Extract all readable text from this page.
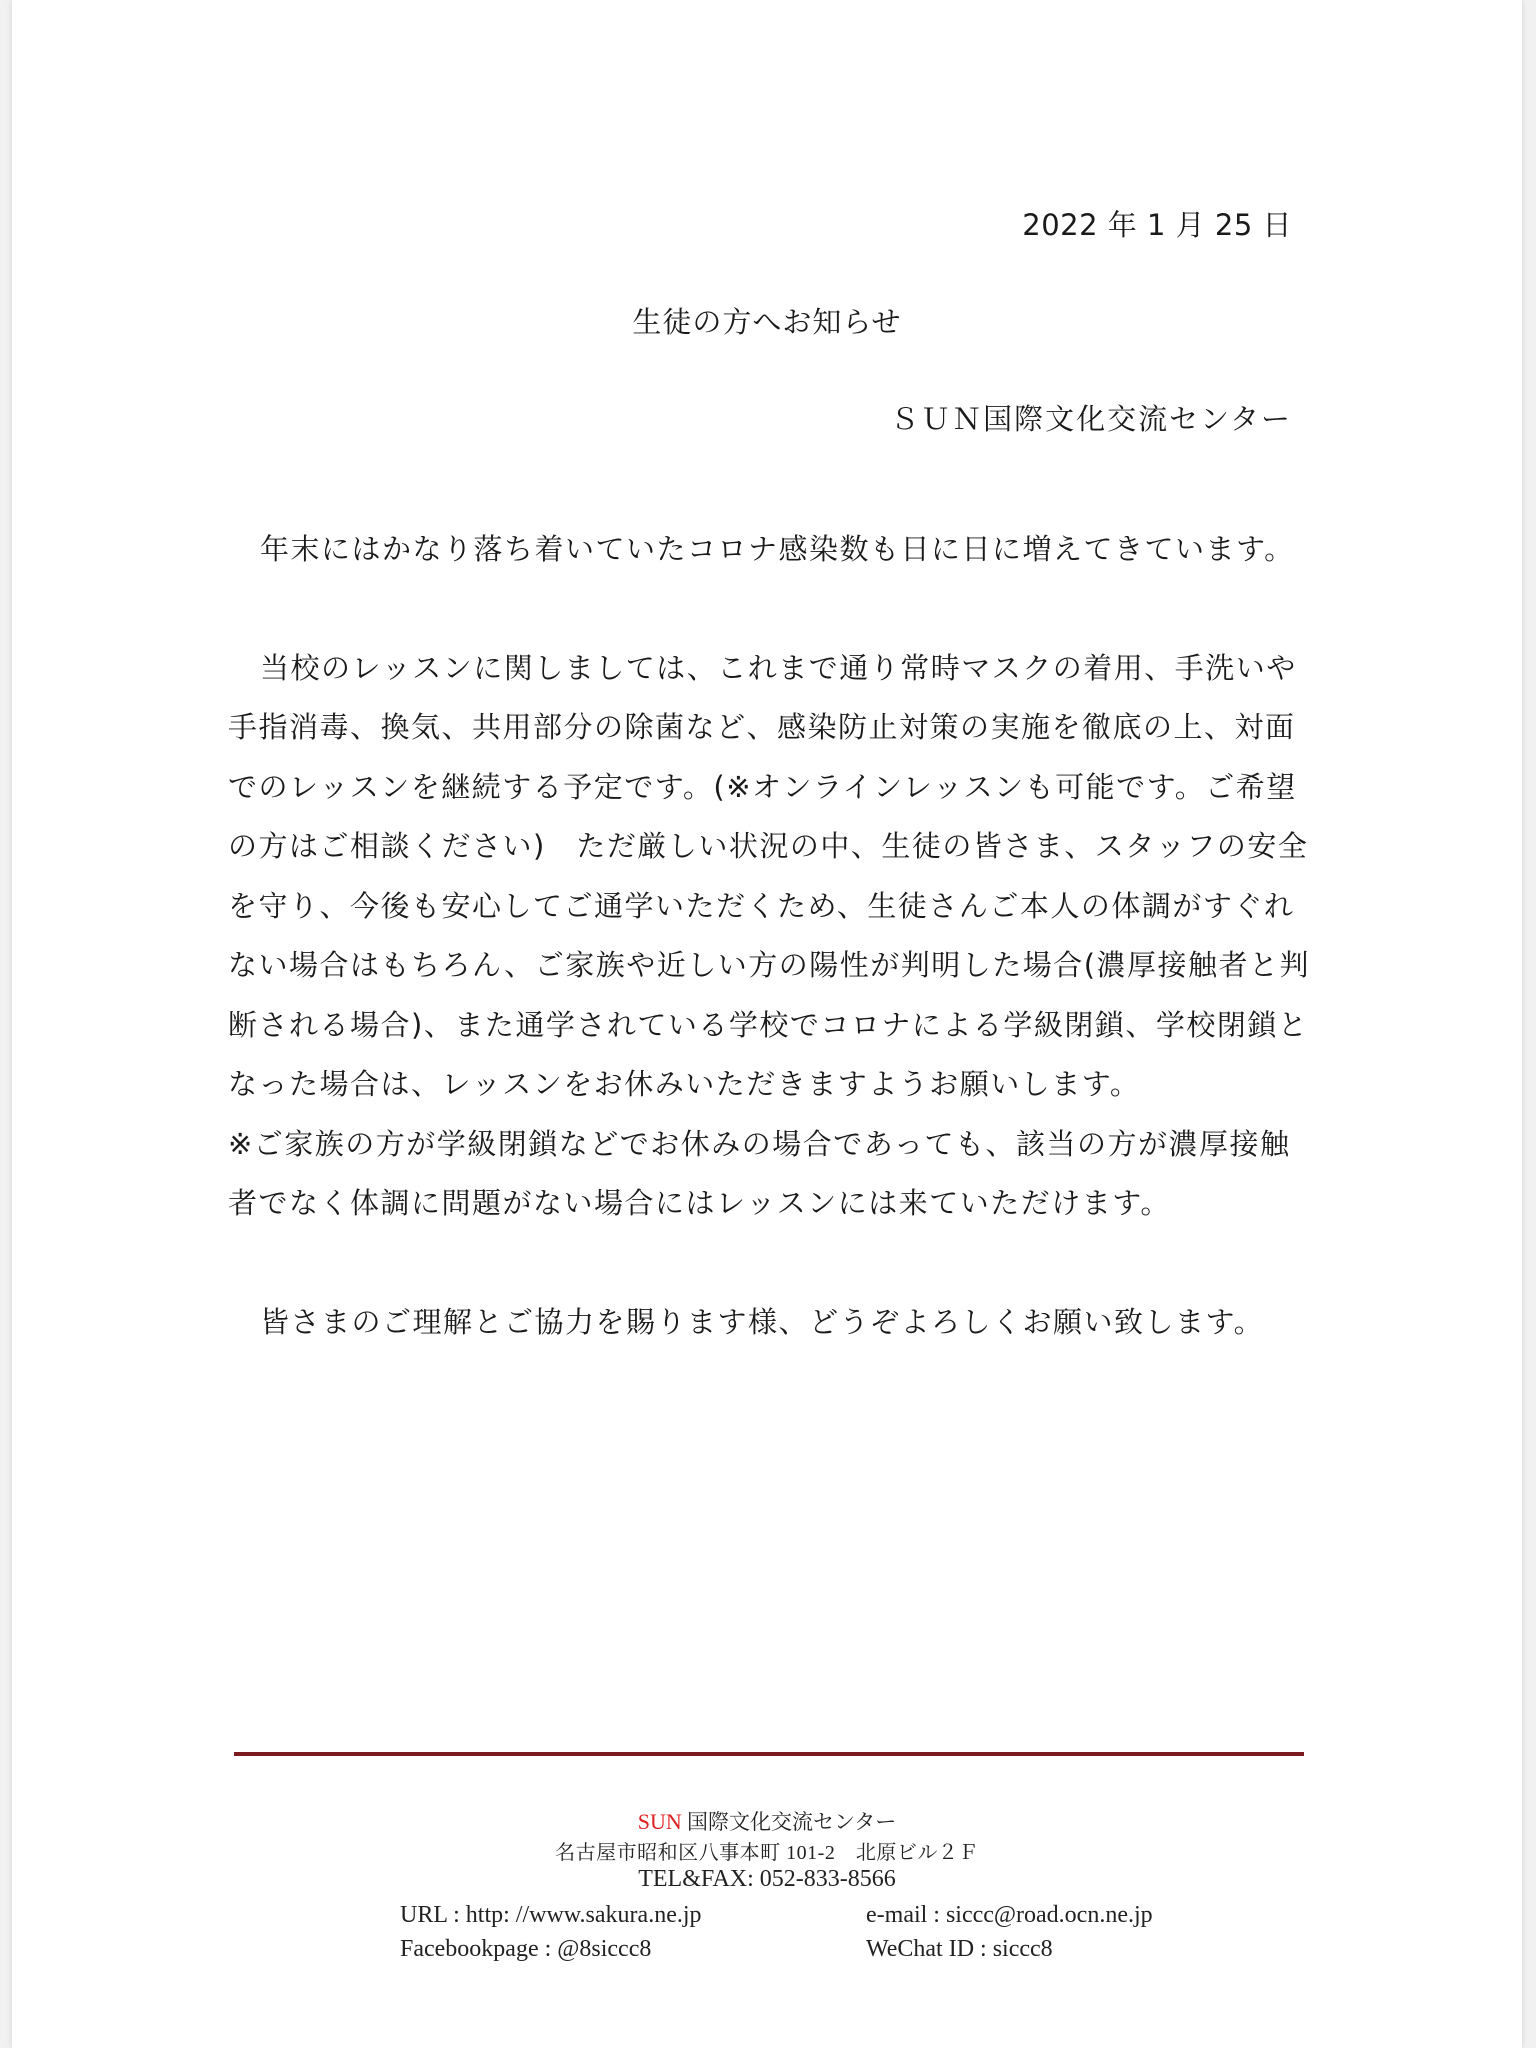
2022 年 1 月 25 日
生徒の方へお知らせ
ＳＵＮ国際文化交流センター

年末にはかなり落ち着いていたコロナ感染数も日に日に増えてきています。

当校のレッスンに関しましては、これまで通り常時マスクの着用、手洗いや手指消毒、換気、共用部分の除菌など、感染防止対策の実施を徹底の上、対面でのレッスンを継続する予定です。(※オンラインレッスンも可能です。ご希望の方はご相談ください)　ただ厳しい状況の中、生徒の皆さま、スタッフの安全を守り、今後も安心してご通学いただくため、生徒さんご本人の体調がすぐれない場合はもちろん、ご家族や近しい方の陽性が判明した場合(濃厚接触者と判断される場合)、また通学されている学校でコロナによる学級閉鎖、学校閉鎖となった場合は、レッスンをお休みいただきますようお願いします。

※ご家族の方が学級閉鎖などでお休みの場合であっても、該当の方が濃厚接触者でなく体調に問題がない場合にはレッスンには来ていただけます。

皆さまのご理解とご協力を賜ります様、どうぞよろしくお願い致します。

SUN 国際文化交流センター
名古屋市昭和区八事本町 101-2　北原ビル２Ｆ
TEL&FAX: 052-833-8566
URL : http: //www.sakura.ne.jp	e-mail : siccc@road.ocn.ne.jp
Facebookpage : @8siccc8	WeChat ID : siccc8
